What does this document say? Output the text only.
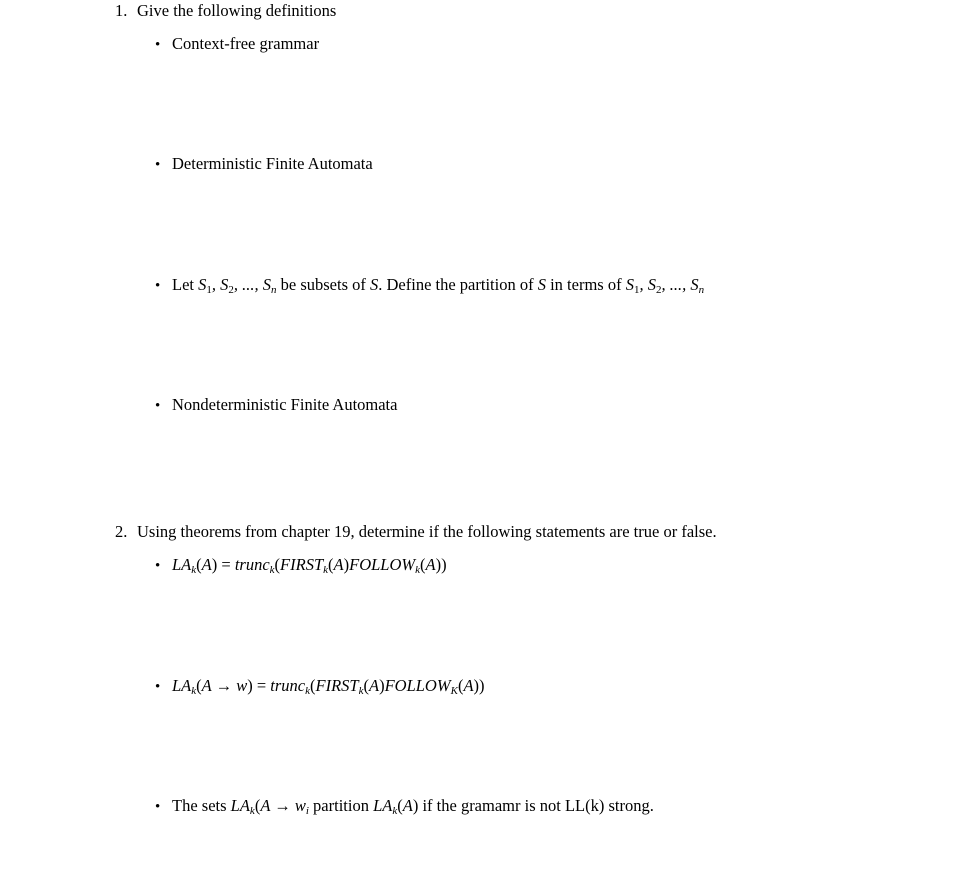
1. Give the following definitions
• Context-free grammar
• Deterministic Finite Automata
• Let $S_1$, $S_2$, ..., $S_n$ be subsets of S. Define the partition of S in terms of $S_1$, $S_2$, ..., $S_n$
• Nondeterministic Finite Automata
2. Using theorems from chapter 19, determine if the following statements are true or false.
• $LA_k(A)$ = $trunc_k(FIRST_k(A)FOLLOW_k(A))$
• $LA_k(A \to w)$ = $trunc_k(FIRST_k(A)FOLLOW_K(A))$
• The sets $LA_k(A \to w_i$ partition $LA_k(A)$ if the gramamr is not LL(k) strong.
